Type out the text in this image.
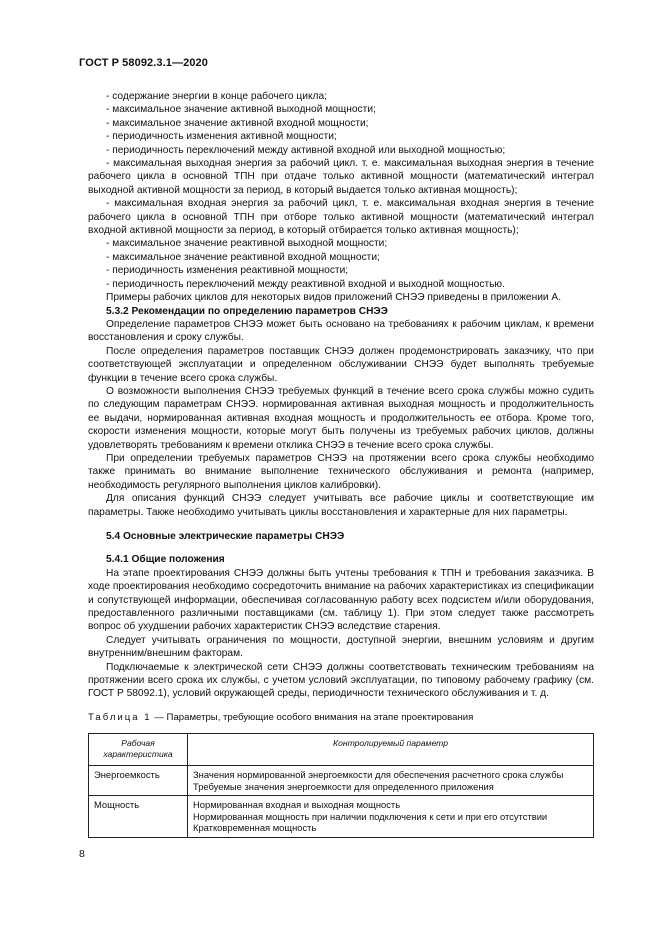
ГОСТ Р 58092.3.1—2020

- содержание энергии в конце рабочего цикла;

- максимальное значение активной выходной мощности;

- максимальное значение активной входной мощности;

- периодичность изменения активной мощности;

- периодичность переключений между активной входной или выходной мощностью;

- максимальная выходная энергия за рабочий цикл. т. е. максимальная выходная энергия в течение рабочего цикла в основной ТПН при отдаче только активной мощности (математический интеграл выходной активной мощности за период, в который выдается только активная мощность);

- максимальная входная энергия за рабочий цикл, т. е. максимальная входная энергия в течение рабочего цикла в основной ТПН при отборе только активной мощности (математический интеграл входной активной мощности за период, в который отбирается только активная мощность);

- максимальное значение реактивной выходной мощности;

- максимальное значение реактивной входной мощности;

- периодичность изменения реактивной мощности;

- периодичность переключений между реактивной входной и выходной мощностью.

Примеры рабочих циклов для некоторых видов приложений СНЭЭ приведены в приложении А.

5.3.2 Рекомендации по определению параметров СНЭЭ

Определение параметров СНЭЭ может быть основано на требованиях к рабочим циклам, к времени восстановления и сроку службы.

После определения параметров поставщик СНЭЭ должен продемонстрировать заказчику, что при соответствующей эксплуатации и определенном обслуживании СНЭЭ будет выполнять требуемые функции в течение всего срока службы.

О возможности выполнения СНЭЭ требуемых функций в течение всего срока службы можно судить по следующим параметрам СНЭЭ. нормированная активная выходная мощность и продолжительность ее выдачи, нормированная активная входная мощность и продолжительность ее отбора. Кроме того, скорости изменения мощности, которые могут быть получены из требуемых рабочих циклов, должны удовлетворять требованиям к времени отклика СНЭЭ в течение всего срока службы.

При определении требуемых параметров СНЭЭ на протяжении всего срока службы необходимо также принимать во внимание выполнение технического обслуживания и ремонта (например, необходимость регулярного выполнения циклов калибровки).

Для описания функций СНЭЭ следует учитывать все рабочие циклы и соответствующие им параметры. Также необходимо учитывать циклы восстановления и характерные для них параметры.

5.4 Основные электрические параметры СНЭЭ

5.4.1 Общие положения

На этапе проектирования СНЭЭ должны быть учтены требования к ТПН и требования заказчика. В ходе проектирования необходимо сосредоточить внимание на рабочих характеристиках из спецификации и сопутствующей информации, обеспечивая согласованную работу всех подсистем и/или оборудования, предоставленного различными поставщиками (см. таблицу 1). При этом следует также рассмотреть вопрос об ухудшении рабочих характеристик СНЭЭ вследствие старения.

Следует учитывать ограничения по мощности, доступной энергии, внешним условиям и другим внутренним/внешним факторам.

Подключаемые к электрической сети СНЭЭ должны соответствовать техническим требованиям на протяжении всего срока их службы, с учетом условий эксплуатации, по типовому рабочему графику (см. ГОСТ Р 58092.1), условий окружающей среды, периодичности технического обслуживания и т. д.

Таблица 1 — Параметры, требующие особого внимания на этапе проектирования
Рабочая характеристика	Контролируемый параметр
Энергоемкость	Значения нормированной энергоемкости для обеспечения расчетного срока службы
Требуемые значения энергоемкости для определенного приложения

Мощность	Нормированная входная и выходная мощность
Нормированная мощность при наличии подключения к сети и при его отсутствии
Кратковременная мощность
8
